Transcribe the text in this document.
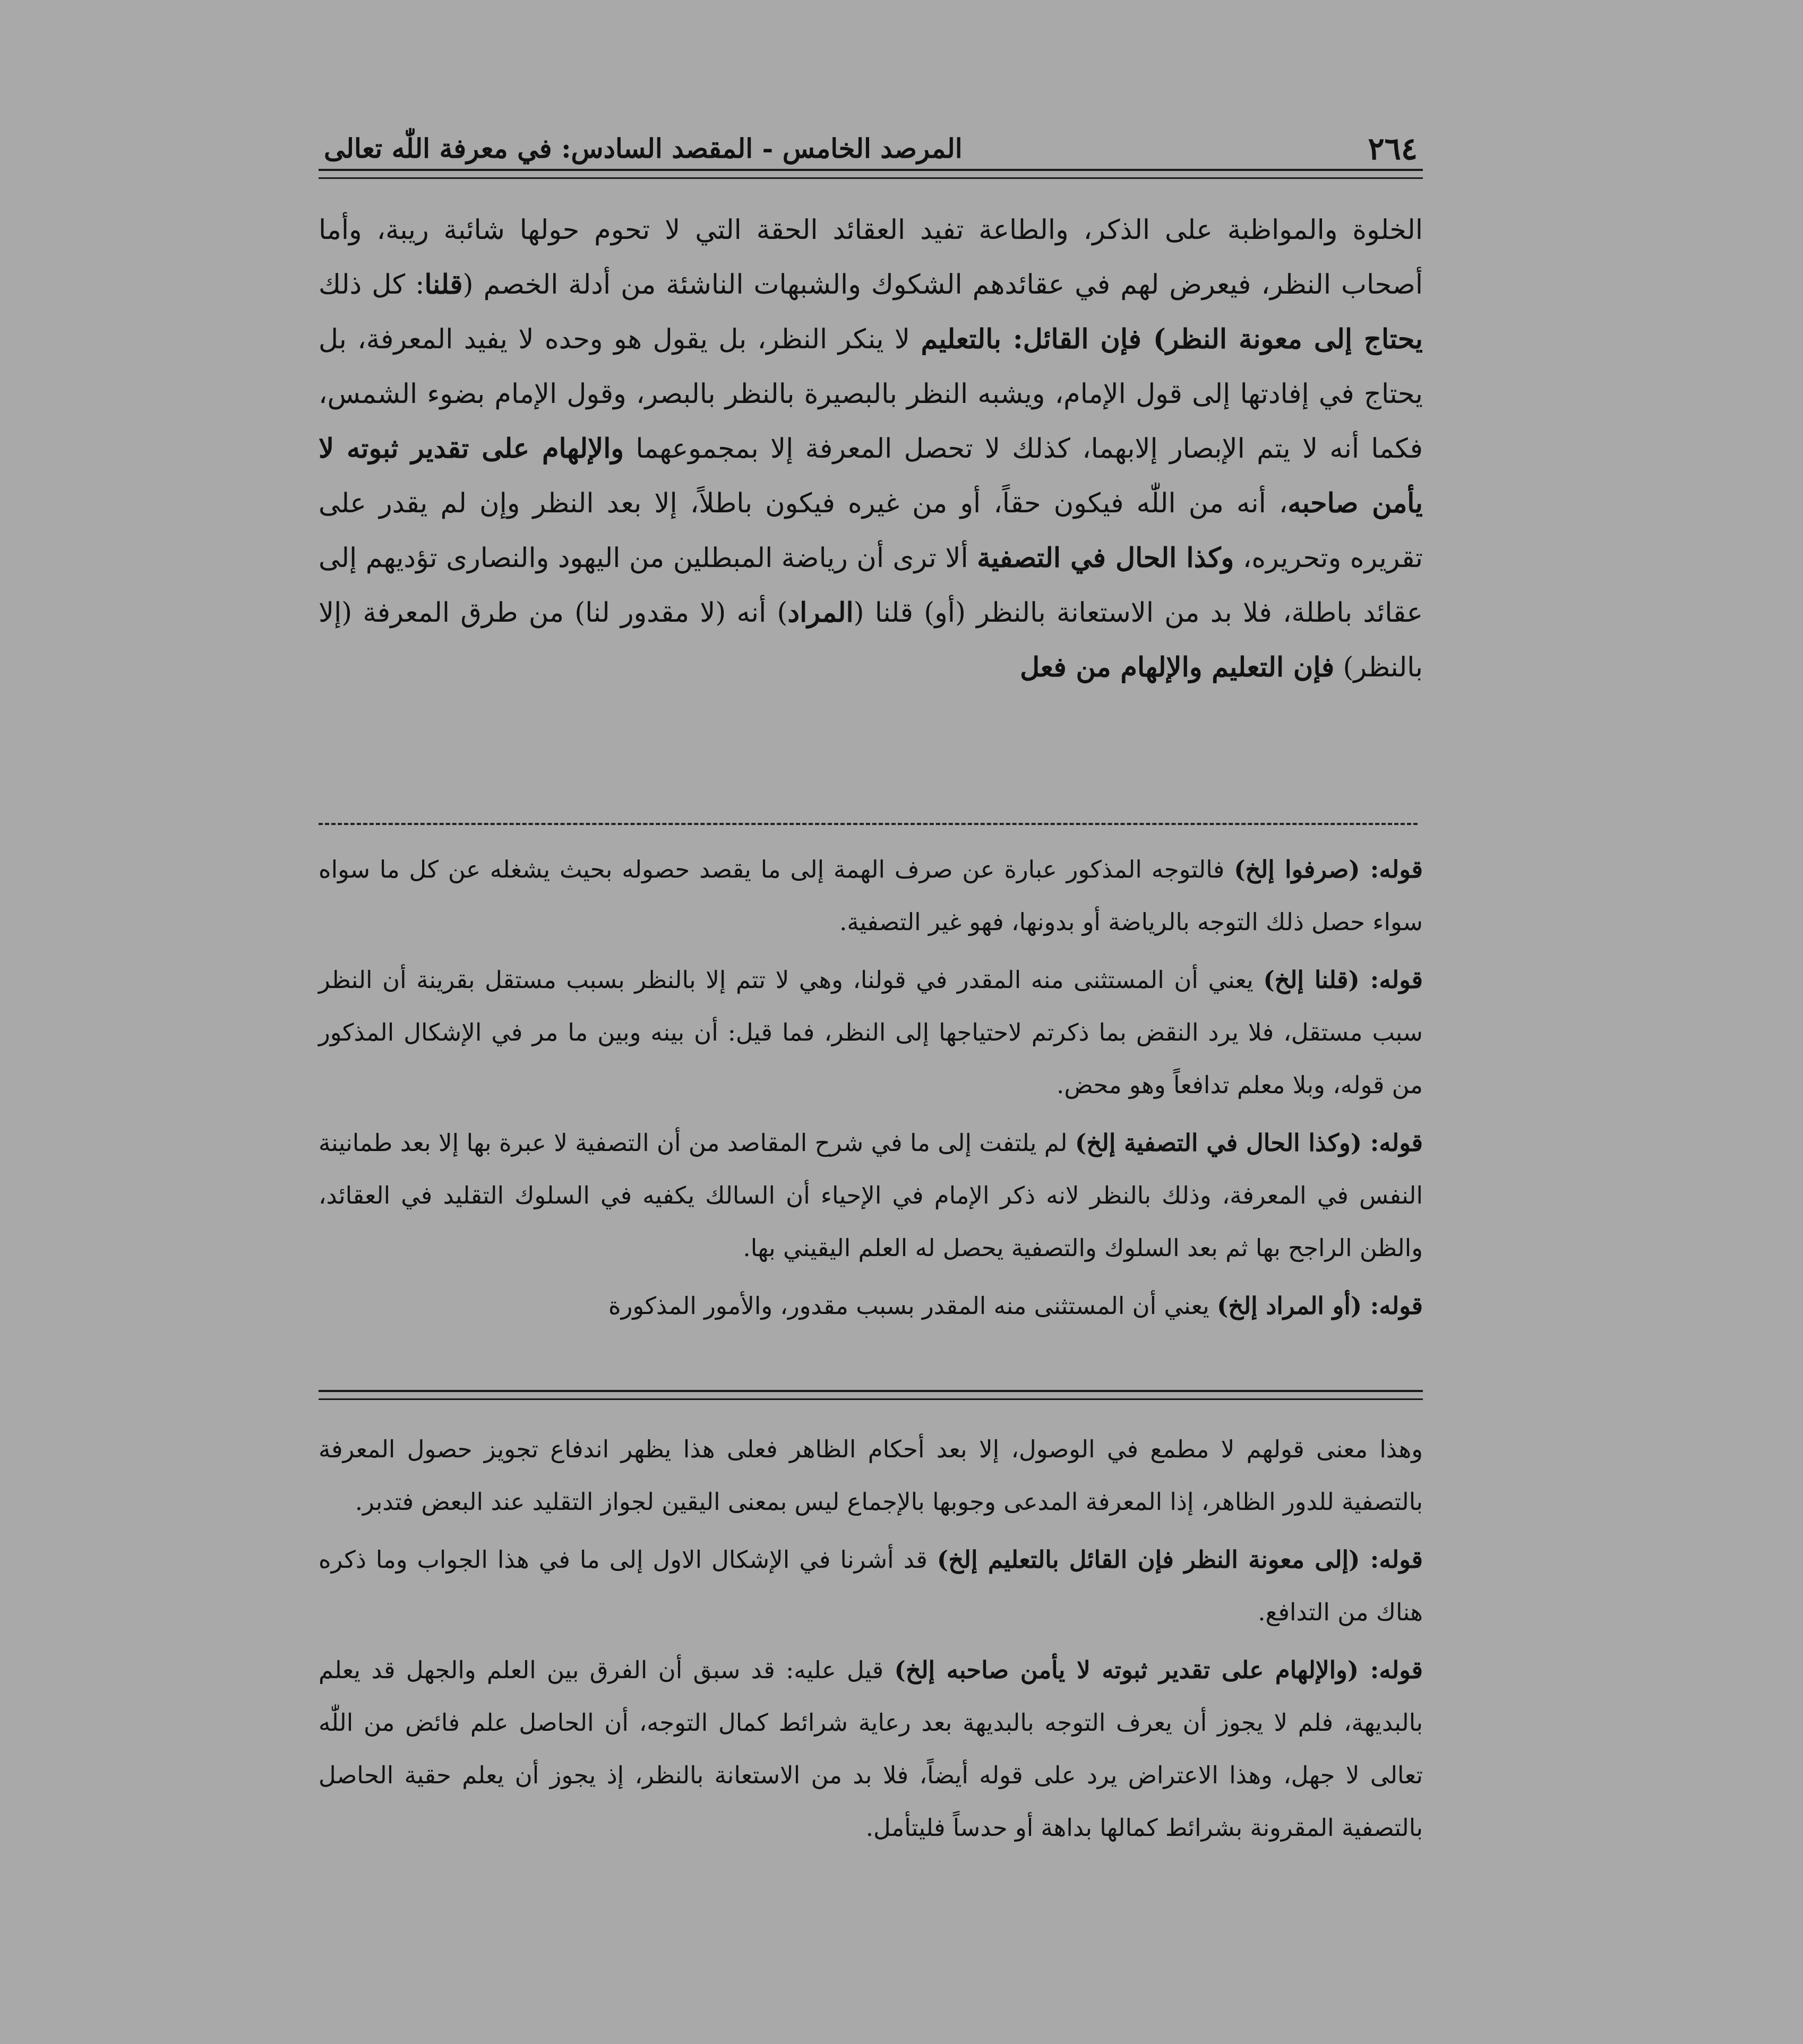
٢٦٤
المرصد الخامس - المقصد السادس: في معرفة اللّٰه تعالى

الخلوة والمواظبة على الذكر، والطاعة تفيد العقائد الحقة التي لا تحوم حولها شائبة ريبة، وأما أصحاب النظر، فيعرض لهم في عقائدهم الشكوك والشبهات الناشئة من أدلة الخصم (قلنا: كل ذلك يحتاج إلى معونة النظر) فإن القائل: بالتعليم لا ينكر النظر، بل يقول هو وحده لا يفيد المعرفة، بل يحتاج في إفادتها إلى قول الإمام، ويشبه النظر بالبصيرة بالنظر بالبصر، وقول الإمام بضوء الشمس، فكما أنه لا يتم الإبصار إلابهما، كذلك لا تحصل المعرفة إلا بمجموعهما والإلهام على تقدير ثبوته لا يأمن صاحبه، أنه من اللّٰه فيكون حقاً، أو من غيره فيكون باطلاً، إلا بعد النظر وإن لم يقدر على تقريره وتحريره، وكذا الحال في التصفية ألا ترى أن رياضة المبطلين من اليهود والنصارى تؤديهم إلى عقائد باطلة، فلا بد من الاستعانة بالنظر (أو) قلنا (المراد) أنه (لا مقدور لنا) من طرق المعرفة (إلا بالنظر) فإن التعليم والإلهام من فعل

قوله: (صرفوا إلخ) فالتوجه المذكور عبارة عن صرف الهمة إلى ما يقصد حصوله بحيث يشغله عن كل ما سواه سواء حصل ذلك التوجه بالرياضة أو بدونها، فهو غير التصفية.

قوله: (قلنا إلخ) يعني أن المستثنى منه المقدر في قولنا، وهي لا تتم إلا بالنظر بسبب مستقل بقرينة أن النظر سبب مستقل، فلا يرد النقض بما ذكرتم لاحتياجها إلى النظر، فما قيل: أن بينه وبين ما مر في الإشكال المذكور من قوله، وبلا معلم تدافعاً وهو محض.

قوله: (وكذا الحال في التصفية إلخ) لم يلتفت إلى ما في شرح المقاصد من أن التصفية لا عبرة بها إلا بعد طمانينة النفس في المعرفة، وذلك بالنظر لانه ذكر الإمام في الإحياء أن السالك يكفيه في السلوك التقليد في العقائد، والظن الراجح بها ثم بعد السلوك والتصفية يحصل له العلم اليقيني بها.

قوله: (أو المراد إلخ) يعني أن المستثنى منه المقدر بسبب مقدور، والأمور المذكورة

وهذا معنى قولهم لا مطمع في الوصول، إلا بعد أحكام الظاهر فعلى هذا يظهر اندفاع تجويز حصول المعرفة بالتصفية للدور الظاهر، إذا المعرفة المدعى وجوبها بالإجماع ليس بمعنى اليقين لجواز التقليد عند البعض فتدبر.

قوله: (إلى معونة النظر فإن القائل بالتعليم إلخ) قد أشرنا في الإشكال الاول إلى ما في هذا الجواب وما ذكره هناك من التدافع.

قوله: (والإلهام على تقدير ثبوته لا يأمن صاحبه إلخ) قيل عليه: قد سبق أن الفرق بين العلم والجهل قد يعلم بالبديهة، فلم لا يجوز أن يعرف التوجه بالبديهة بعد رعاية شرائط كمال التوجه، أن الحاصل علم فائض من اللّٰه تعالى لا جهل، وهذا الاعتراض يرد على قوله أيضاً، فلا بد من الاستعانة بالنظر، إذ يجوز أن يعلم حقية الحاصل بالتصفية المقرونة بشرائط كمالها بداهة أو حدساً فليتأمل.
